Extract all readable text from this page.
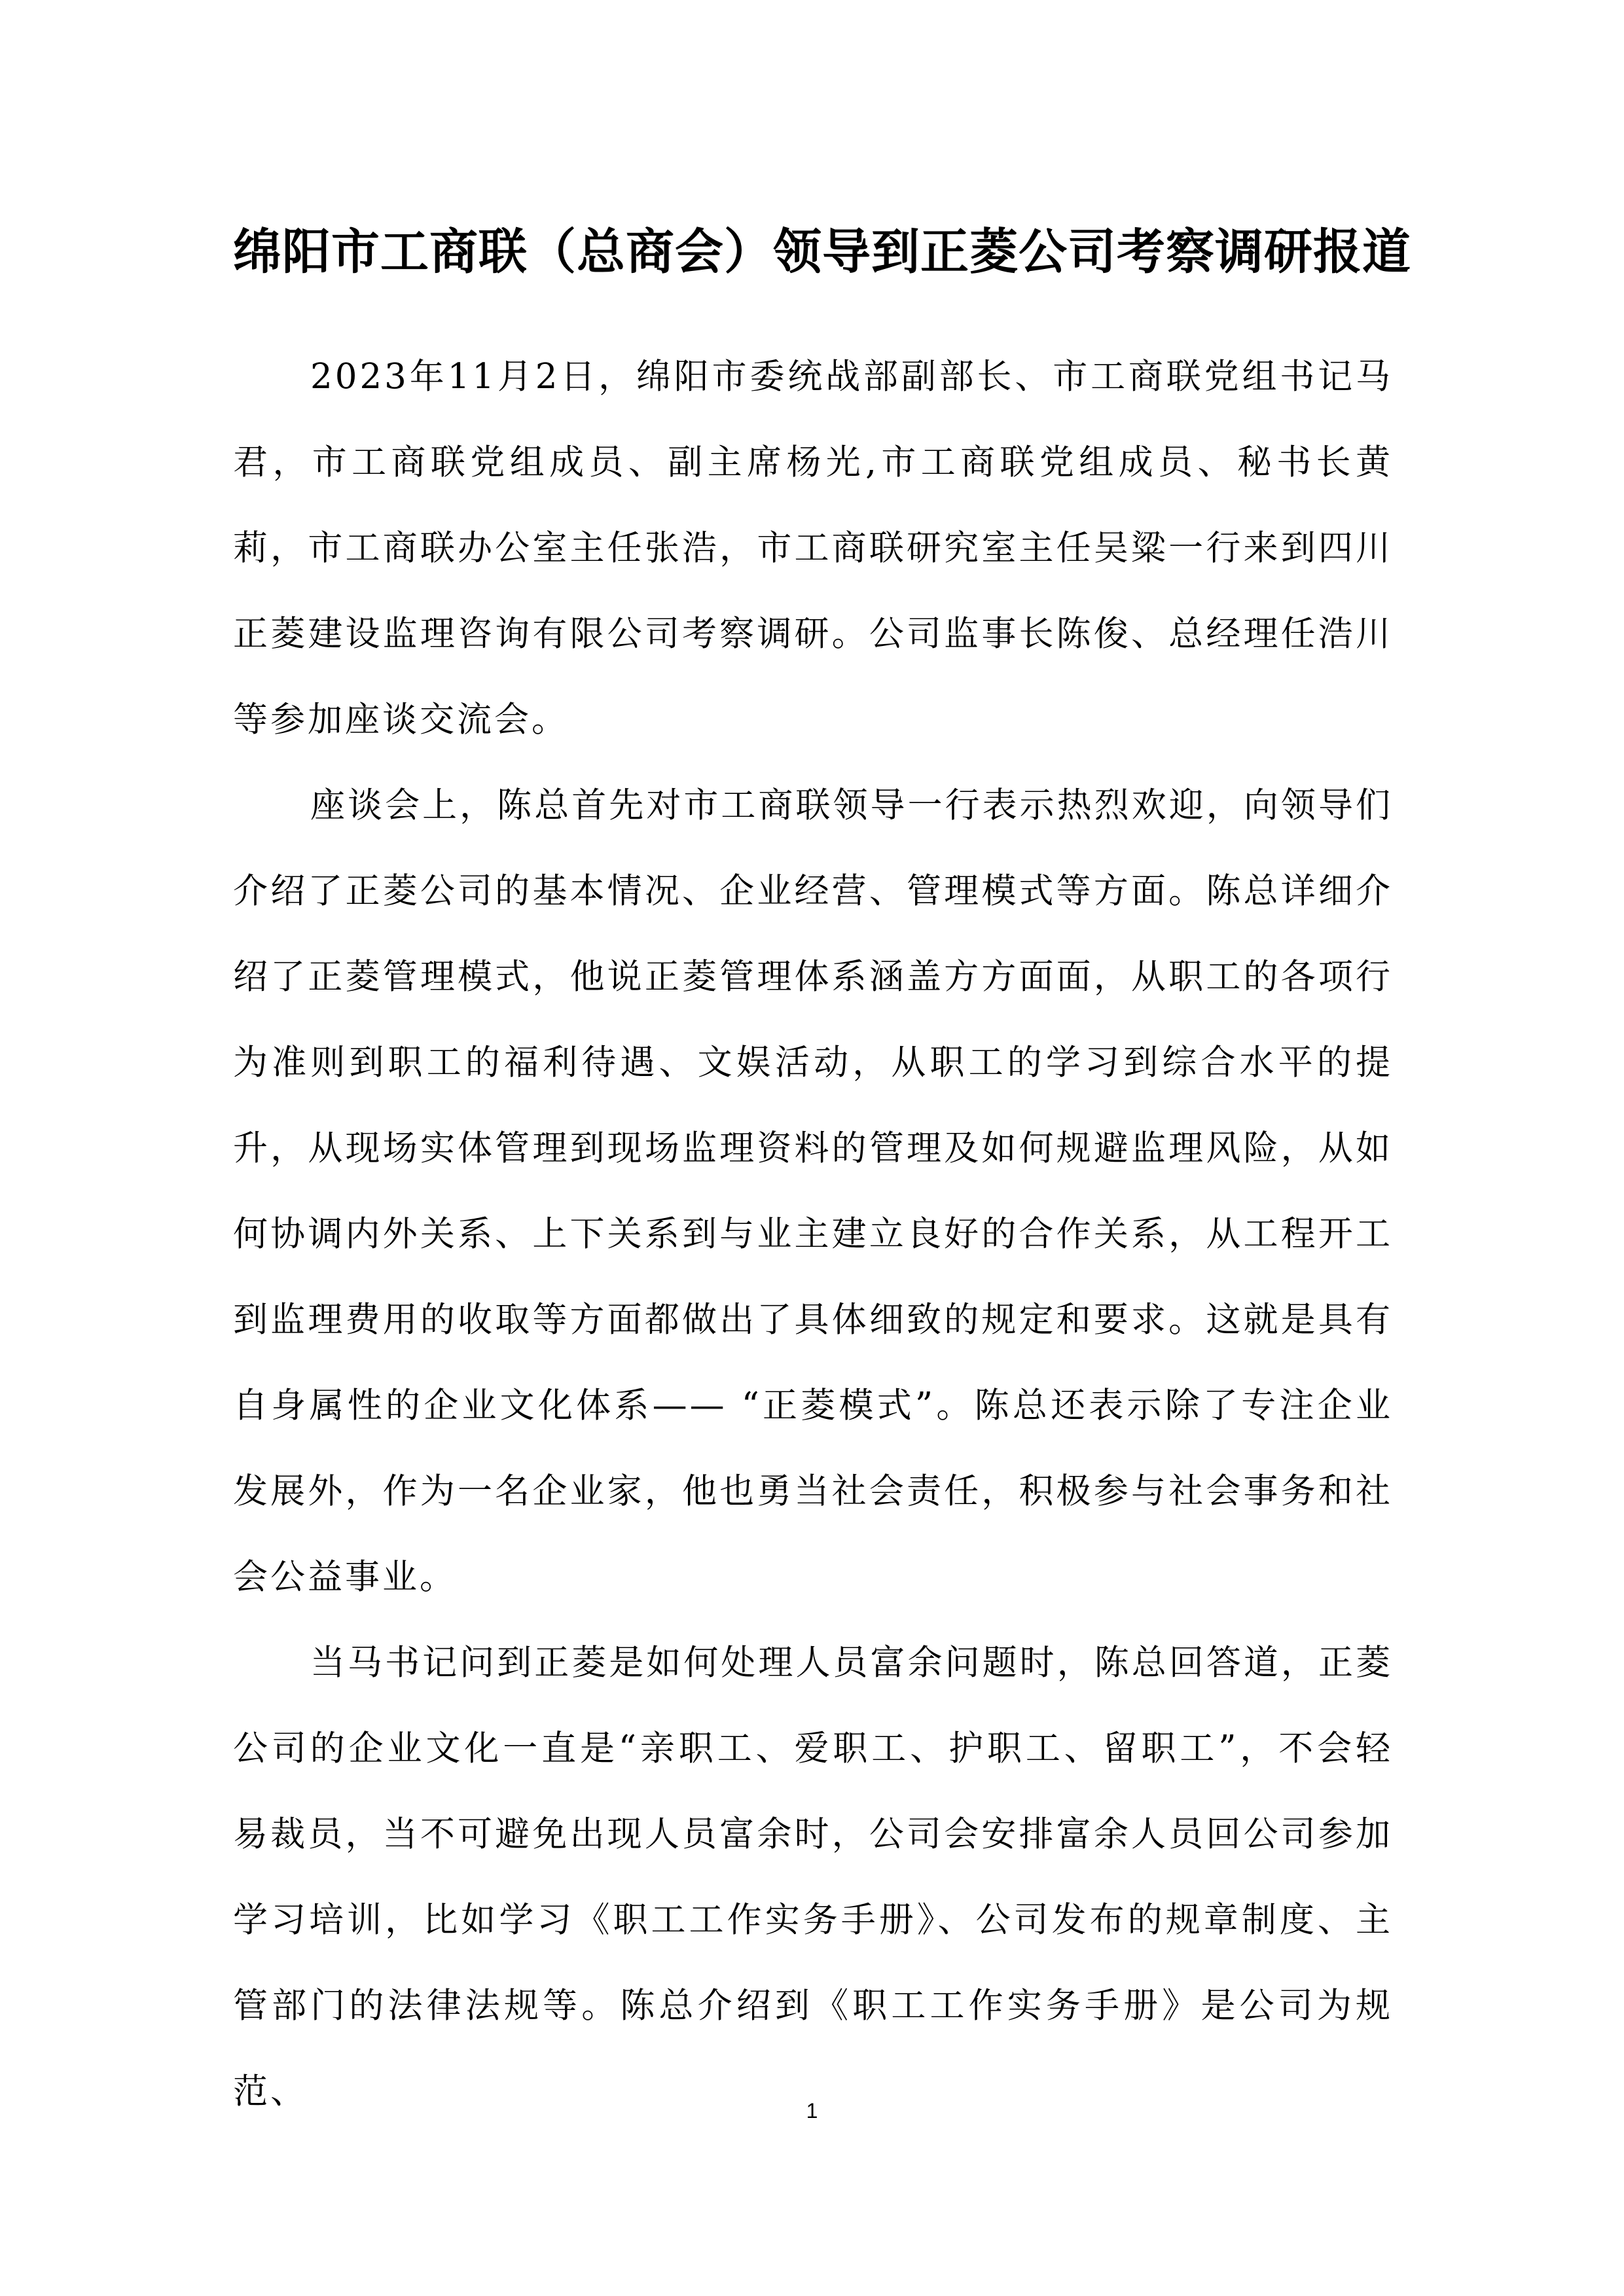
绵阳市工商联（总商会）领导到正菱公司考察调研报道

2023年11月2日，绵阳市委统战部副部长、市工商联党组书记马君，市工商联党组成员、副主席杨光,市工商联党组成员、秘书长黄莉，市工商联办公室主任张浩，市工商联研究室主任吴粱一行来到四川正菱建设监理咨询有限公司考察调研。公司监事长陈俊、总经理任浩川等参加座谈交流会。

座谈会上，陈总首先对市工商联领导一行表示热烈欢迎，向领导们介绍了正菱公司的基本情况、企业经营、管理模式等方面。陈总详细介绍了正菱管理模式，他说正菱管理体系涵盖方方面面，从职工的各项行为准则到职工的福利待遇、文娱活动，从职工的学习到综合水平的提升，从现场实体管理到现场监理资料的管理及如何规避监理风险，从如何协调内外关系、上下关系到与业主建立良好的合作关系，从工程开工到监理费用的收取等方面都做出了具体细致的规定和要求。这就是具有自身属性的企业文化体系—— “正菱模式”。陈总还表示除了专注企业发展外，作为一名企业家，他也勇当社会责任，积极参与社会事务和社会公益事业。

当马书记问到正菱是如何处理人员富余问题时，陈总回答道，正菱公司的企业文化一直是“亲职工、爱职工、护职工、留职工”，不会轻易裁员，当不可避免出现人员富余时，公司会安排富余人员回公司参加学习培训，比如学习《职工工作实务手册》、公司发布的规章制度、主管部门的法律法规等。陈总介绍到《职工工作实务手册》是公司为规范、	1
